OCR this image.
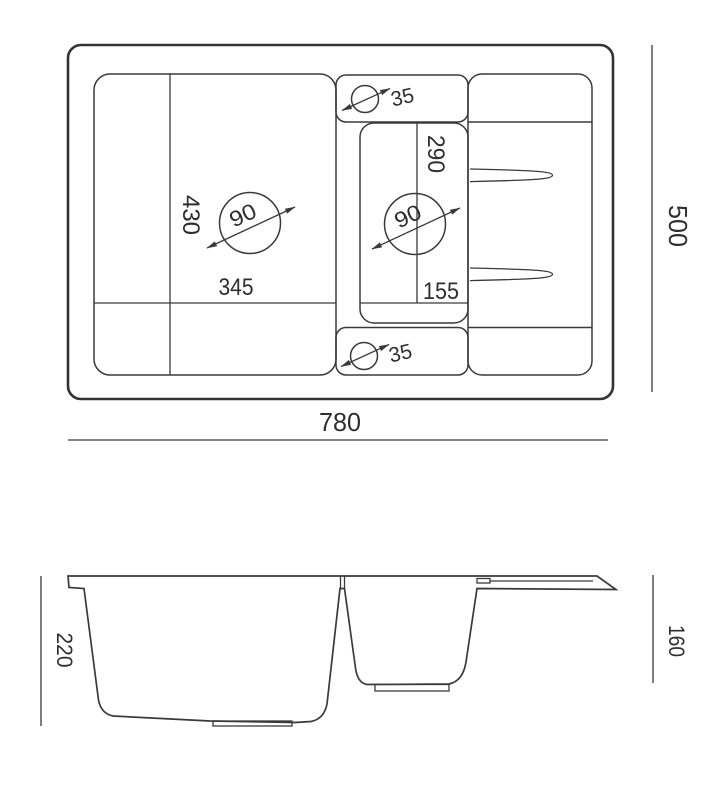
90	90
35
35
430
345
290
155
780
500
220	160
